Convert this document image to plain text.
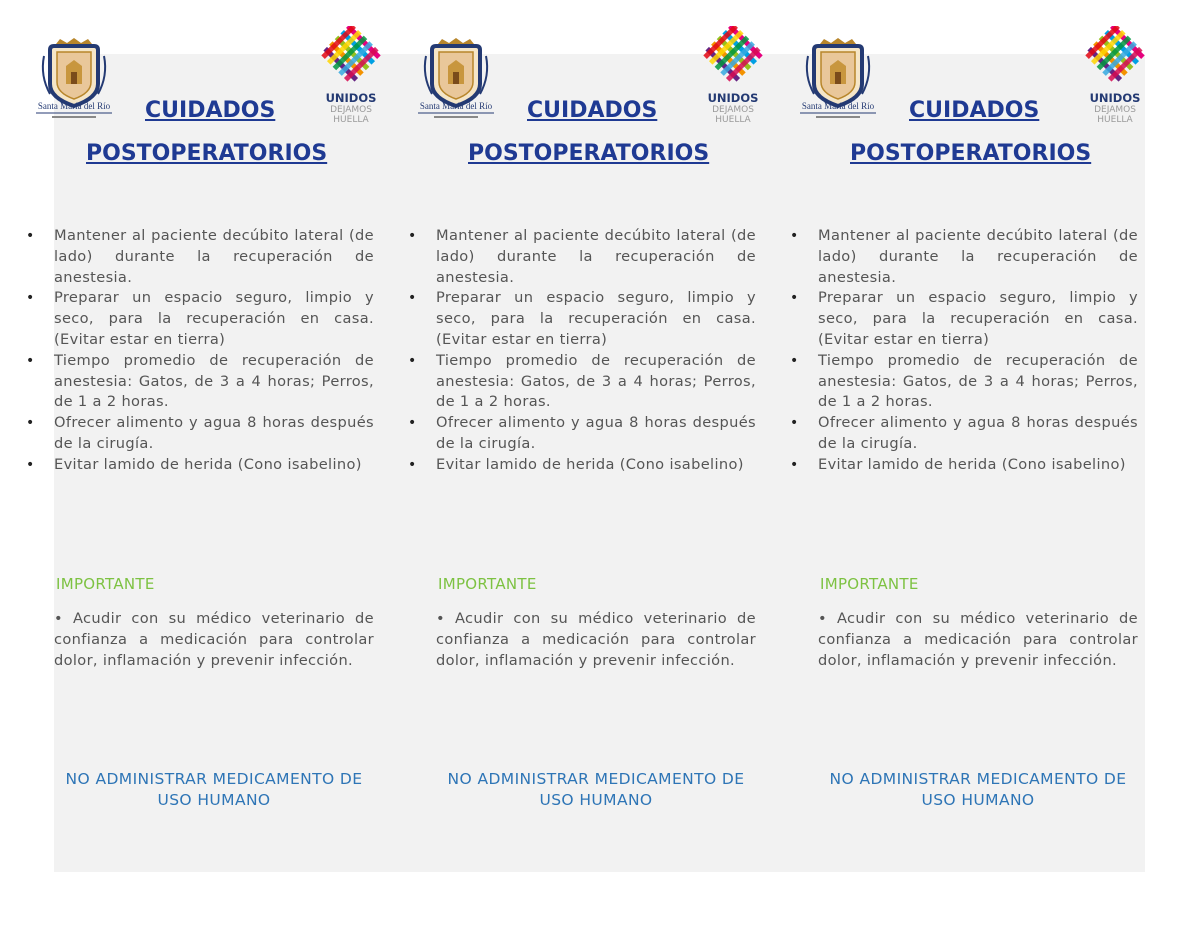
Santa María del Río
UNIDOS
DEJAMOS
HUELLA
CUIDADOS
POSTOPERATORIOS
• Mantener al paciente decúbito lateral (de lado) durante la recuperación de anestesia.
• Preparar un espacio seguro, limpio y seco, para la recuperación en casa. (Evitar estar en tierra)
• Tiempo promedio de recuperación de anestesia: Gatos, de 3 a 4 horas; Perros, de 1 a 2 horas.
• Ofrecer alimento y agua 8 horas después de la cirugía.
• Evitar lamido de herida (Cono isabelino)
IMPORTANTE
• Acudir con su médico veterinario de confianza a medicación para controlar dolor, inflamación y prevenir infección.
NO ADMINISTRAR MEDICAMENTO DE USO HUMANO
Santa María del Río
UNIDOS
DEJAMOS
HUELLA
CUIDADOS
POSTOPERATORIOS
• Mantener al paciente decúbito lateral (de lado) durante la recuperación de anestesia.
• Preparar un espacio seguro, limpio y seco, para la recuperación en casa. (Evitar estar en tierra)
• Tiempo promedio de recuperación de anestesia: Gatos, de 3 a 4 horas; Perros, de 1 a 2 horas.
• Ofrecer alimento y agua 8 horas después de la cirugía.
• Evitar lamido de herida (Cono isabelino)
IMPORTANTE
• Acudir con su médico veterinario de confianza a medicación para controlar dolor, inflamación y prevenir infección.
NO ADMINISTRAR MEDICAMENTO DE USO HUMANO
Santa María del Río
UNIDOS
DEJAMOS
HUELLA
CUIDADOS
POSTOPERATORIOS
• Mantener al paciente decúbito lateral (de lado) durante la recuperación de anestesia.
• Preparar un espacio seguro, limpio y seco, para la recuperación en casa. (Evitar estar en tierra)
• Tiempo promedio de recuperación de anestesia: Gatos, de 3 a 4 horas; Perros, de 1 a 2 horas.
• Ofrecer alimento y agua 8 horas después de la cirugía.
• Evitar lamido de herida (Cono isabelino)
IMPORTANTE
• Acudir con su médico veterinario de confianza a medicación para controlar dolor, inflamación y prevenir infección.
NO ADMINISTRAR MEDICAMENTO DE USO HUMANO
